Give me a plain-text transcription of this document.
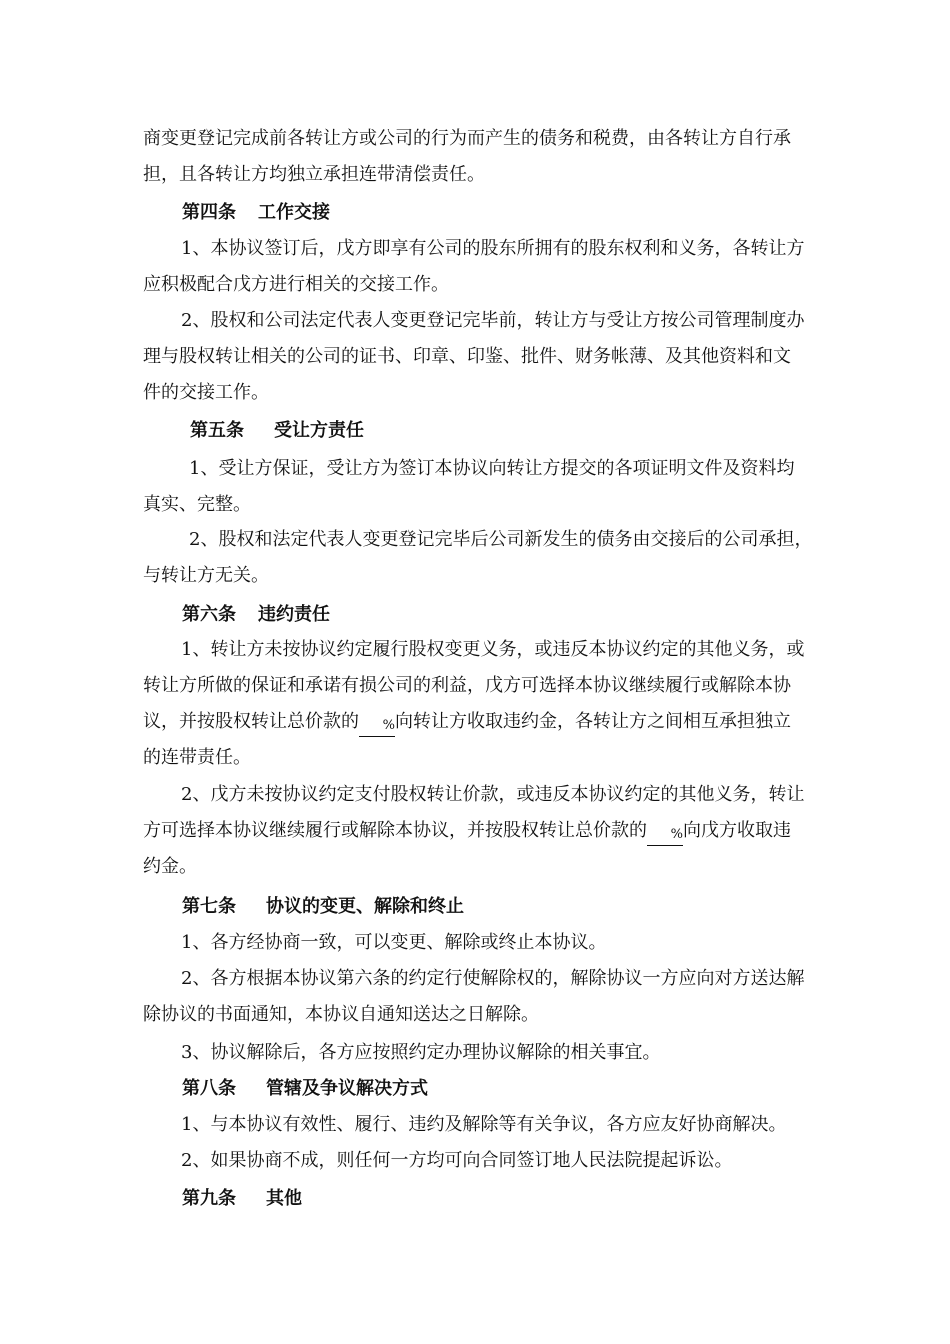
商变更登记完成前各转让方或公司的行为而产生的债务和税费，由各转让方自行承
担，且各转让方均独立承担连带清偿责任。

第四条 工作交接

1、本协议签订后，戊方即享有公司的股东所拥有的股东权利和义务，各转让方
应积极配合戊方进行相关的交接工作。

2、股权和公司法定代表人变更登记完毕前，转让方与受让方按公司管理制度办
理与股权转让相关的公司的证书、印章、印鉴、批件、财务帐薄、及其他资料和文
件的交接工作。

第五条 受让方责任

1、受让方保证，受让方为签订本协议向转让方提交的各项证明文件及资料均
真实、完整。

2、股权和法定代表人变更登记完毕后公司新发生的债务由交接后的公司承担，
与转让方无关。

第六条 违约责任

1、转让方未按协议约定履行股权变更义务，或违反本协议约定的其他义务，或
转让方所做的保证和承诺有损公司的利益，戊方可选择本协议继续履行或解除本协
议，并按股权转让总价款的 %向转让方收取违约金，各转让方之间相互承担独立
的连带责任。

2、戊方未按协议约定支付股权转让价款，或违反本协议约定的其他义务，转让
方可选择本协议继续履行或解除本协议，并按股权转让总价款的 %向戊方收取违
约金。

第七条 协议的变更、解除和终止

1、各方经协商一致，可以变更、解除或终止本协议。

2、各方根据本协议第六条的约定行使解除权的，解除协议一方应向对方送达解
除协议的书面通知，本协议自通知送达之日解除。

3、协议解除后，各方应按照约定办理协议解除的相关事宜。

第八条 管辖及争议解决方式

1、与本协议有效性、履行、违约及解除等有关争议，各方应友好协商解决。

2、如果协商不成，则任何一方均可向合同签订地人民法院提起诉讼。

第九条 其他
